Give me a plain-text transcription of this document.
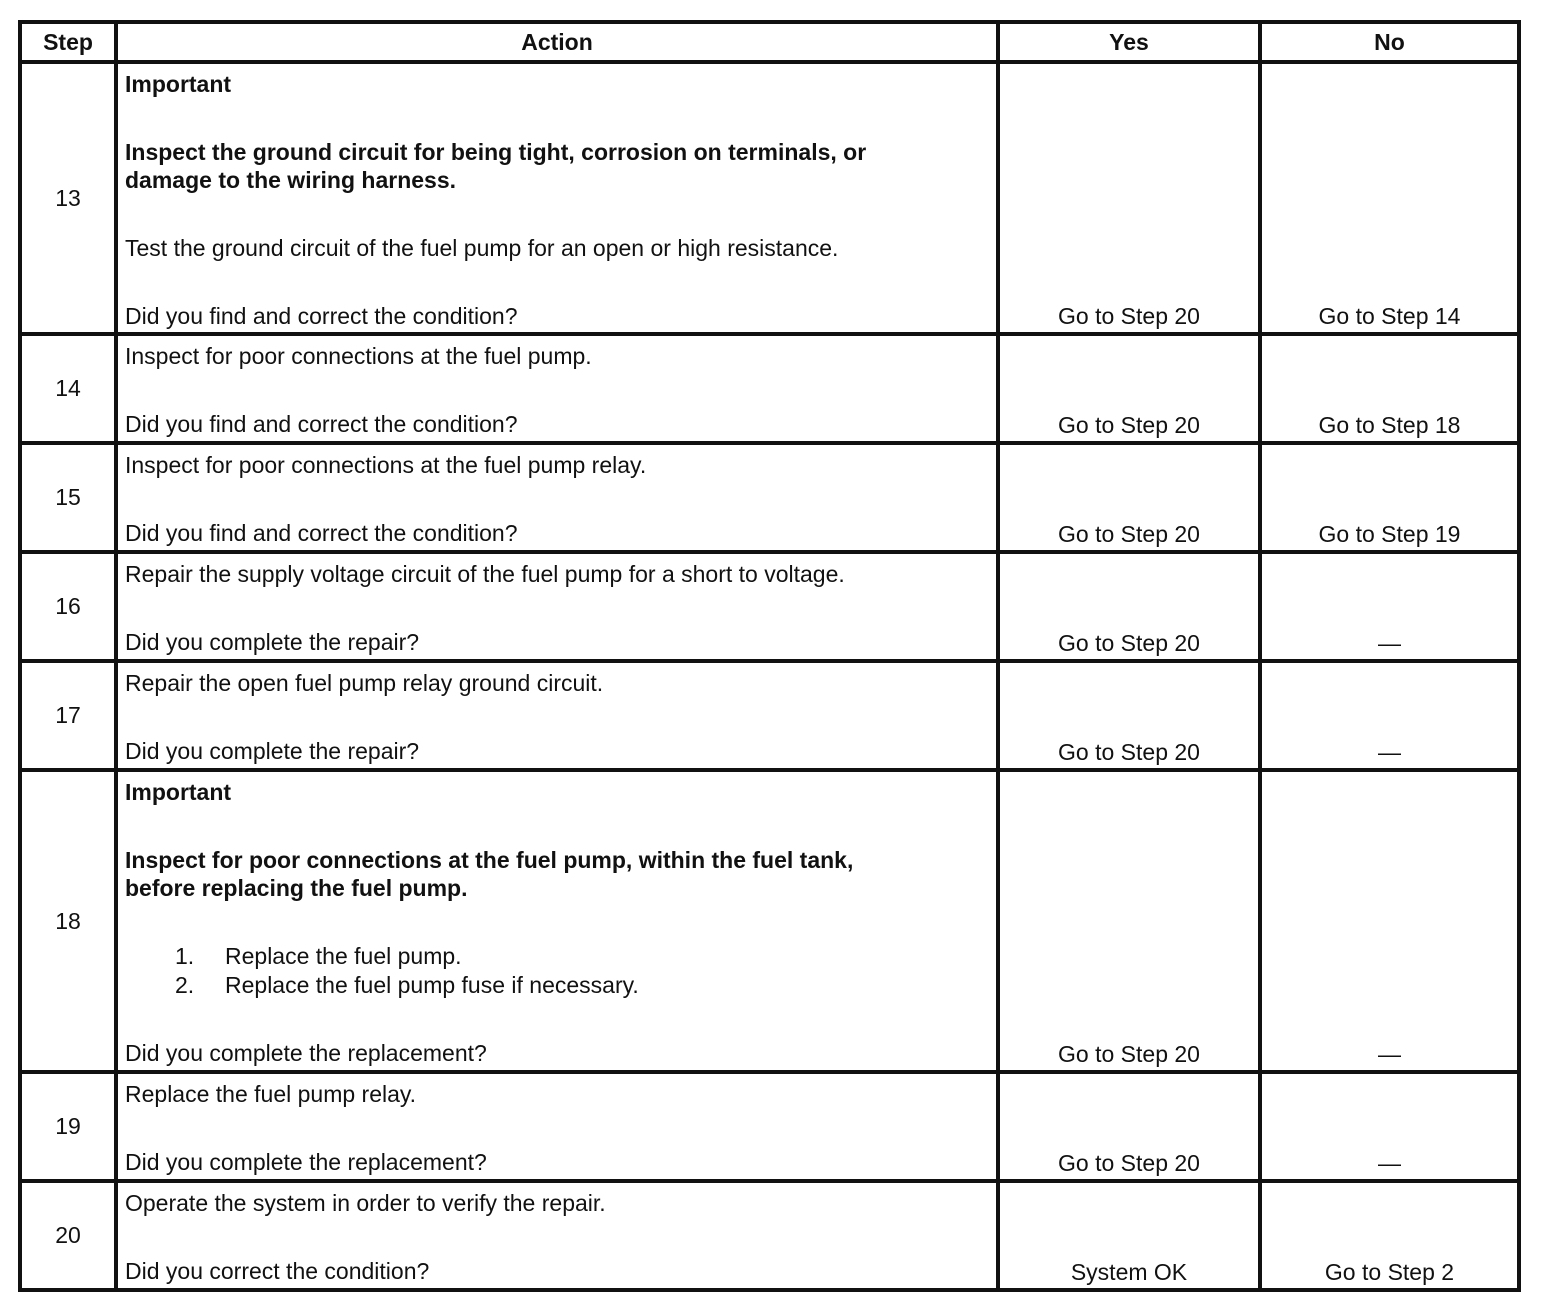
Step	Action	Yes	No
13
Important
Inspect the ground circuit for being tight, corrosion on terminals, or
damage to the wiring harness.
Test the ground circuit of the fuel pump for an open or high resistance.
Did you find and correct the condition?	Go to Step 20	Go to Step 14
14
Inspect for poor connections at the fuel pump.
Did you find and correct the condition?	Go to Step 20	Go to Step 18
15
Inspect for poor connections at the fuel pump relay.
Did you find and correct the condition?	Go to Step 20	Go to Step 19
16
Repair the supply voltage circuit of the fuel pump for a short to voltage.
Did you complete the repair?	Go to Step 20	—
17
Repair the open fuel pump relay ground circuit.
Did you complete the repair?	Go to Step 20	—
18
Important
Inspect for poor connections at the fuel pump, within the fuel tank,
before replacing the fuel pump.
1. Replace the fuel pump.
2. Replace the fuel pump fuse if necessary.
Did you complete the replacement?	Go to Step 20	—
19
Replace the fuel pump relay.
Did you complete the replacement?	Go to Step 20	—
20
Operate the system in order to verify the repair.
Did you correct the condition?	System OK	Go to Step 2
